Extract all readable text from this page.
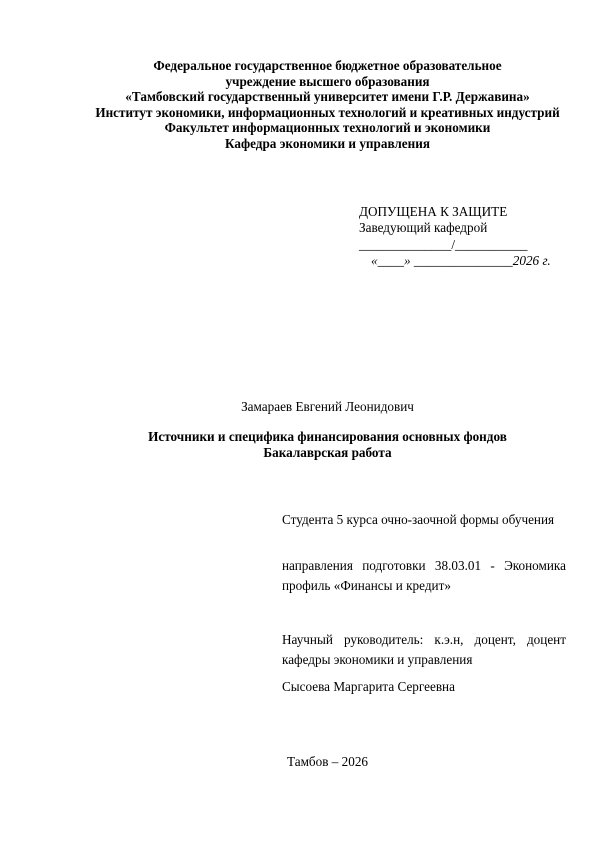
Федеральное государственное бюджетное образовательное
учреждение высшего образования
«Тамбовский государственный университет имени Г.Р. Державина»
Институт экономики, информационных технологий и креативных индустрий
Факультет информационных технологий и экономики
Кафедра экономики и управления
ДОПУЩЕНА К ЗАЩИТЕ
Заведующий кафедрой
______________/___________
«____» _______________2026 г.
Замараев Евгений Леонидович
Источники и специфика финансирования основных фондов
Бакалаврская работа
Студента 5 курса очно-заочной формы обучения
направления подготовки 38.03.01 - Экономика профиль «Финансы и кредит»
Научный руководитель: к.э.н, доцент, доцент кафедры экономики и управления
Сысоева Маргарита Сергеевна
Тамбов – 2026
